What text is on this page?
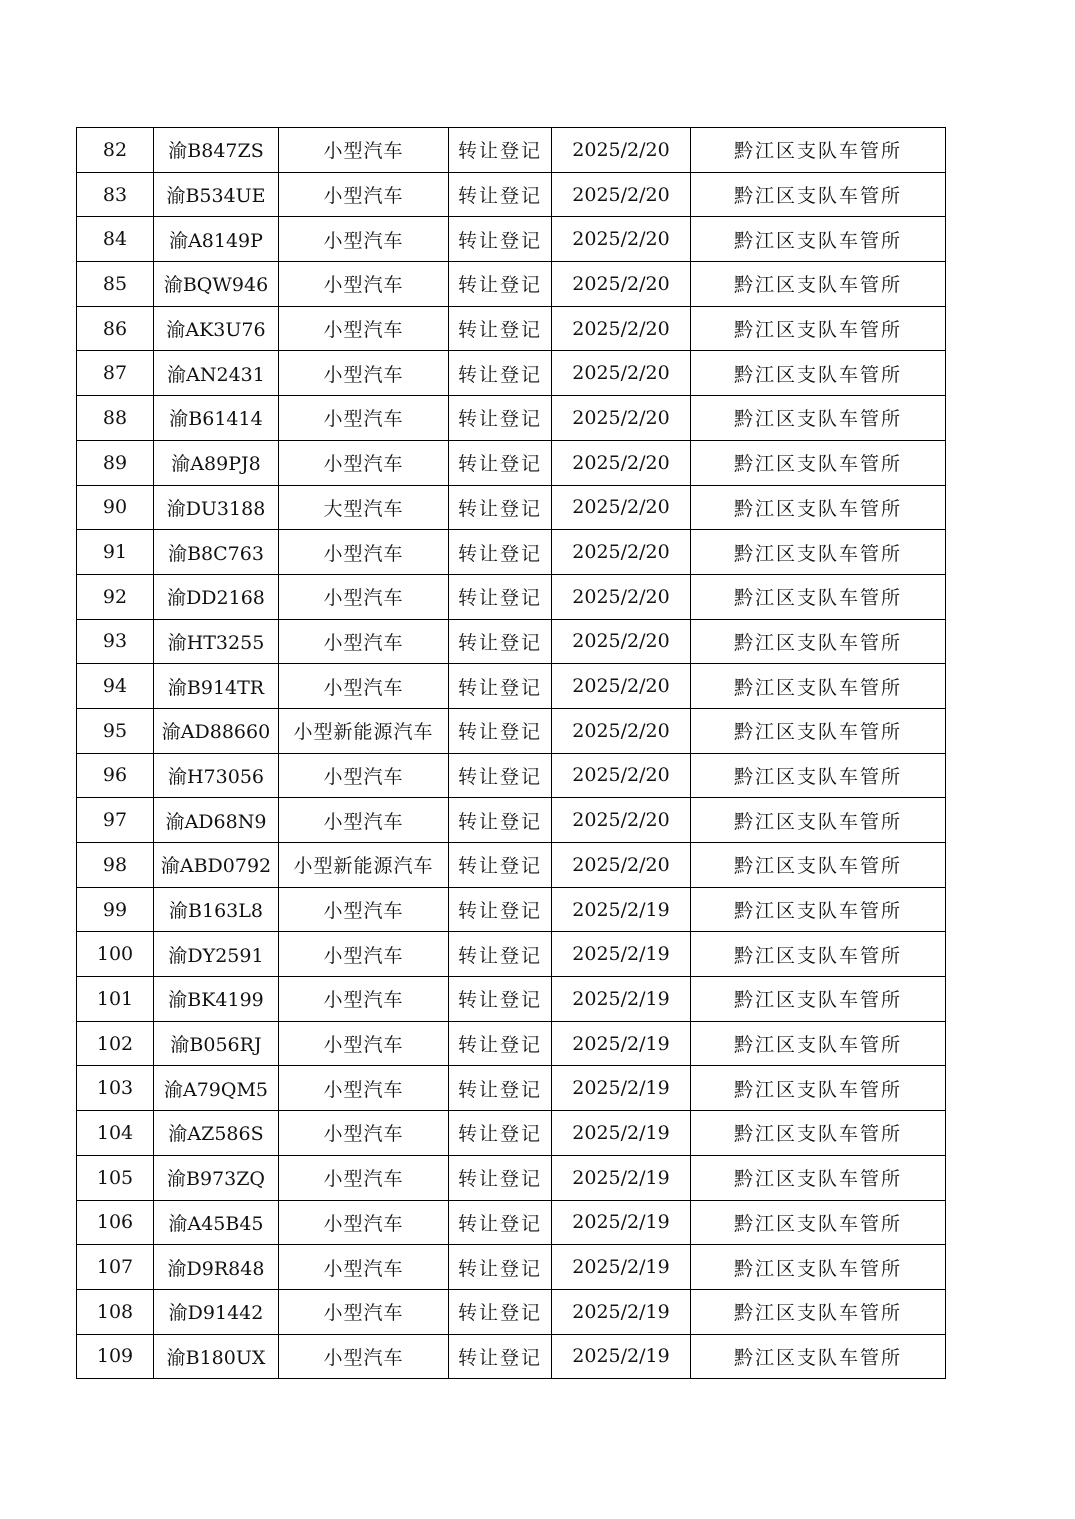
82	渝B847ZS	小型汽车	转让登记	2025/2/20	黔江区支队车管所
83	渝B534UE	小型汽车	转让登记	2025/2/20	黔江区支队车管所
84	渝A8149P	小型汽车	转让登记	2025/2/20	黔江区支队车管所
85	渝BQW946	小型汽车	转让登记	2025/2/20	黔江区支队车管所
86	渝AK3U76	小型汽车	转让登记	2025/2/20	黔江区支队车管所
87	渝AN2431	小型汽车	转让登记	2025/2/20	黔江区支队车管所
88	渝B61414	小型汽车	转让登记	2025/2/20	黔江区支队车管所
89	渝A89PJ8	小型汽车	转让登记	2025/2/20	黔江区支队车管所
90	渝DU3188	大型汽车	转让登记	2025/2/20	黔江区支队车管所
91	渝B8C763	小型汽车	转让登记	2025/2/20	黔江区支队车管所
92	渝DD2168	小型汽车	转让登记	2025/2/20	黔江区支队车管所
93	渝HT3255	小型汽车	转让登记	2025/2/20	黔江区支队车管所
94	渝B914TR	小型汽车	转让登记	2025/2/20	黔江区支队车管所
95	渝AD88660	小型新能源汽车	转让登记	2025/2/20	黔江区支队车管所
96	渝H73056	小型汽车	转让登记	2025/2/20	黔江区支队车管所
97	渝AD68N9	小型汽车	转让登记	2025/2/20	黔江区支队车管所
98	渝ABD0792	小型新能源汽车	转让登记	2025/2/20	黔江区支队车管所
99	渝B163L8	小型汽车	转让登记	2025/2/19	黔江区支队车管所
100	渝DY2591	小型汽车	转让登记	2025/2/19	黔江区支队车管所
101	渝BK4199	小型汽车	转让登记	2025/2/19	黔江区支队车管所
102	渝B056RJ	小型汽车	转让登记	2025/2/19	黔江区支队车管所
103	渝A79QM5	小型汽车	转让登记	2025/2/19	黔江区支队车管所
104	渝AZ586S	小型汽车	转让登记	2025/2/19	黔江区支队车管所
105	渝B973ZQ	小型汽车	转让登记	2025/2/19	黔江区支队车管所
106	渝A45B45	小型汽车	转让登记	2025/2/19	黔江区支队车管所
107	渝D9R848	小型汽车	转让登记	2025/2/19	黔江区支队车管所
108	渝D91442	小型汽车	转让登记	2025/2/19	黔江区支队车管所
109	渝B180UX	小型汽车	转让登记	2025/2/19	黔江区支队车管所
